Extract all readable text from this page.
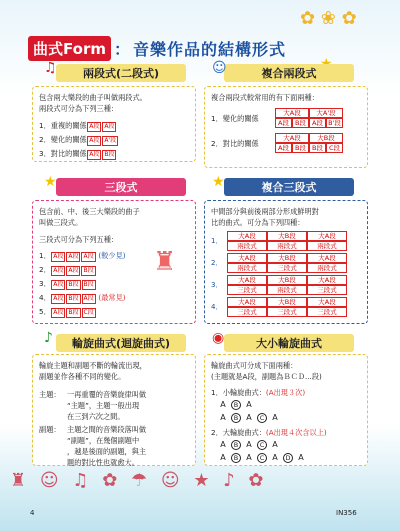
✿ ❀ ✿
曲式Form ： 音樂作品的結構形式
♫ 兩段式(二段式)
包含兩大樂段的曲子叫做兩段式。
兩段式可分為下列三種：
1．重複的關係 A段 A段
2．變化的關係 A段 A'段
3．對比的關係 A段 B段
☺	複合兩段式
複合兩段式較常用的有下面兩種：
1．變化的關係
大A段	大A'段
A段 B段 A段 B'段
2．對比的關係
大A段	大B段
A段 B段 B段 C段
★	三段式
包含前、中、後三大樂段的曲子
叫做三段式。
三段式可分為下列五種：
1． A段 A段 A段 (較少見)
2． A段 A段 B段
3． A段 B段 B段
4． A段 B段 A段 (最常見)
5． A段 B段 C段
♜
★	複合三段式
中間部分與前後兩部分形成鮮明對
比的曲式。可分為下列四種：
1．
大A段	大B段	大A段
兩段式	兩段式	兩段式
2．
大A段	大B段	大A段
兩段式	三段式	兩段式
3．
大A段	大B段	大A段
三段式	兩段式	三段式
4．
大A段	大B段	大A段
三段式	三段式	三段式
♪ 輪旋曲式(迴旋曲式)
輪旋主題和副題不斷的輪流出現，
副題並作各種不同的變化。
主題： 一再重覆的音樂旋律叫做
“主題”，主題一般出現
在三到六次之間。
副題： 主題之間的音樂段落叫做
“副題”，在幾個副題中
，越是後面的副題，與主
題的對比性也就愈大。
◉	大小輪旋曲式
輪旋曲式可分成下面兩種：
(主題就是A段，副題為ＢＣＤ...段)
1．小輪旋曲式：(A出現３次)
A B A
A B A C A
2．大輪旋曲式：(A出現４次含以上)
A B A C A
A B A C A D A
♜ ☺ ♫ ✿ ☂ ☺ ★ ♪ ✿
4	IN356
